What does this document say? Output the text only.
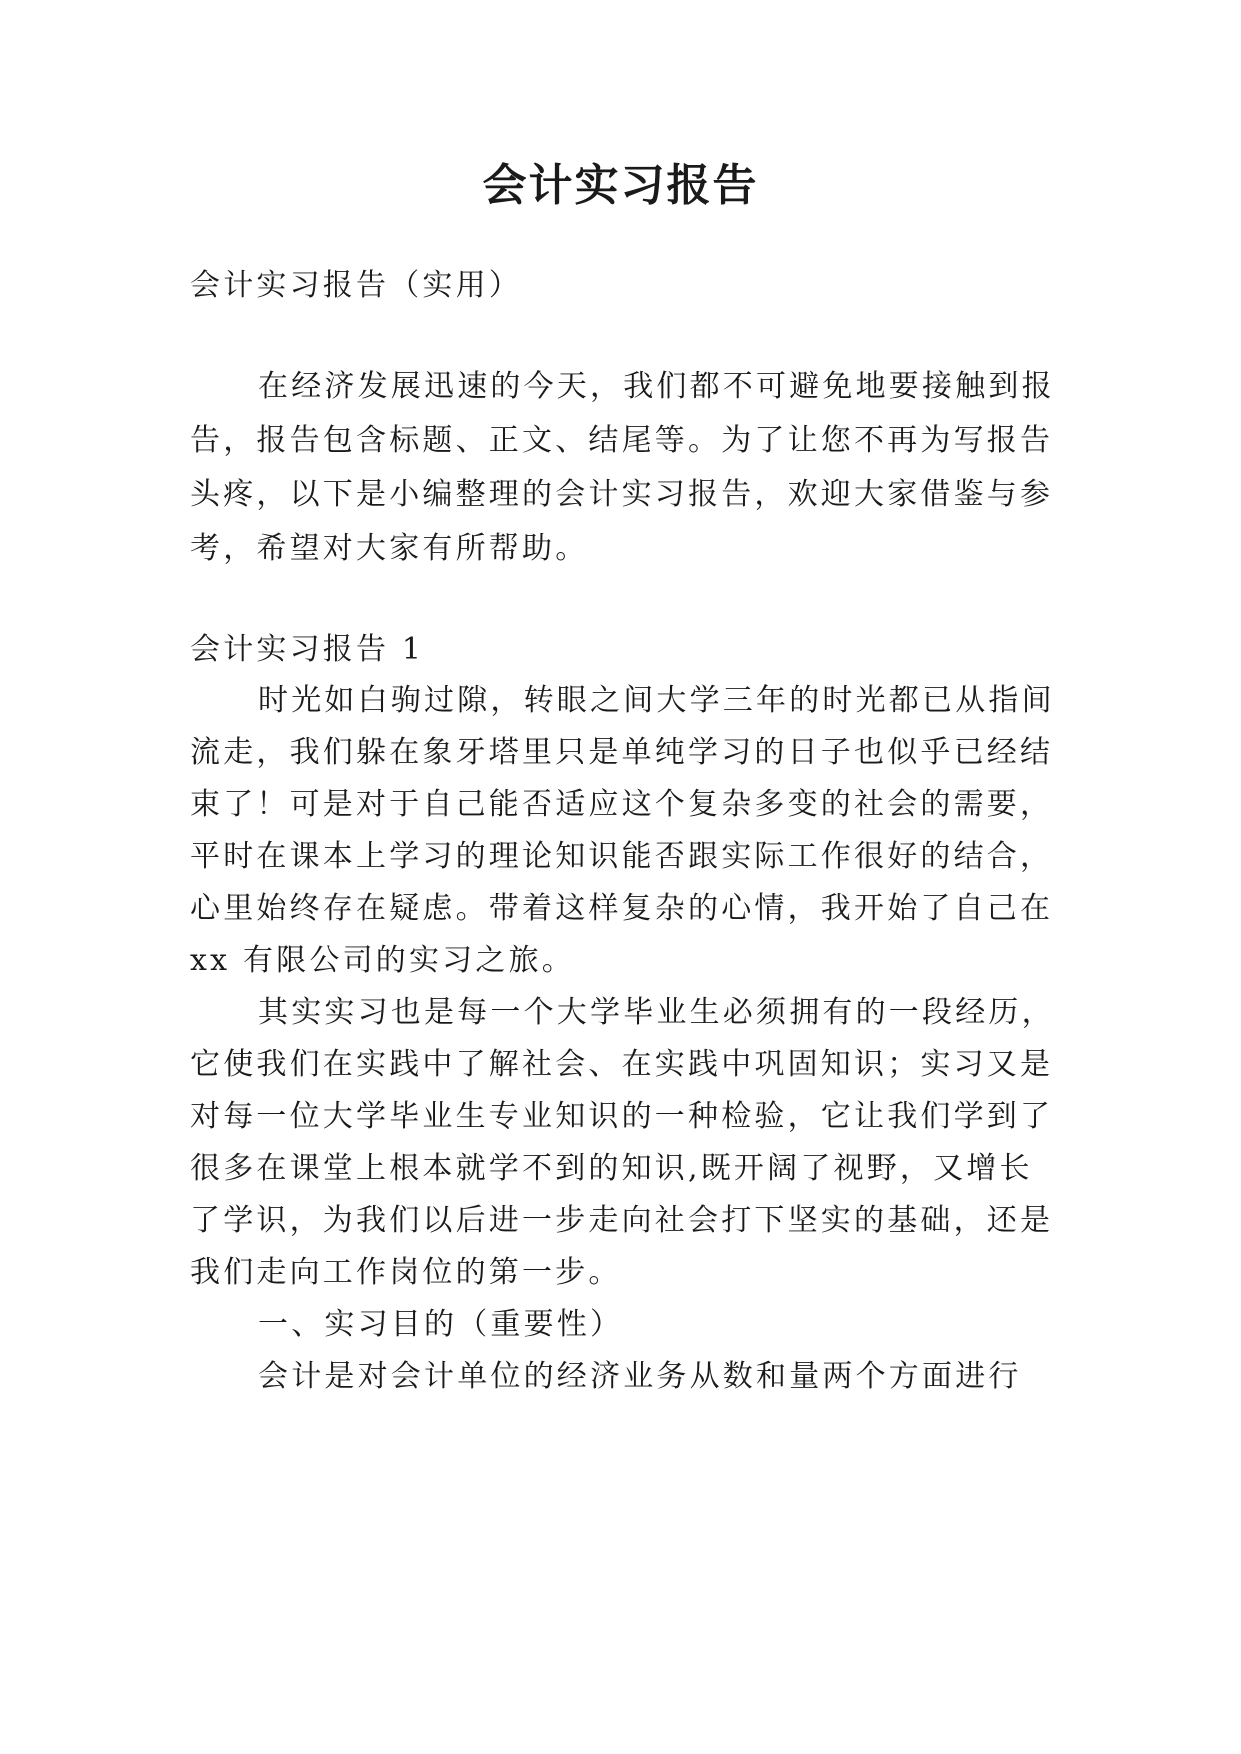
会计实习报告

会计实习报告（实用）

在经济发展迅速的今天，我们都不可避免地要接触到报

告，报告包含标题、正文、结尾等。为了让您不再为写报告

头疼，以下是小编整理的会计实习报告，欢迎大家借鉴与参

考，希望对大家有所帮助。

会计实习报告 1

时光如白驹过隙，转眼之间大学三年的时光都已从指间

流走，我们躲在象牙塔里只是单纯学习的日子也似乎已经结

束了！可是对于自己能否适应这个复杂多变的社会的需要，

平时在课本上学习的理论知识能否跟实际工作很好的结合，

心里始终存在疑虑。带着这样复杂的心情，我开始了自己在

xx 有限公司的实习之旅。

其实实习也是每一个大学毕业生必须拥有的一段经历，

它使我们在实践中了解社会、在实践中巩固知识；实习又是

对每一位大学毕业生专业知识的一种检验，它让我们学到了

很多在课堂上根本就学不到的知识,既开阔了视野，又增长

了学识，为我们以后进一步走向社会打下坚实的基础，还是

我们走向工作岗位的第一步。

一、实习目的（重要性）

会计是对会计单位的经济业务从数和量两个方面进行
